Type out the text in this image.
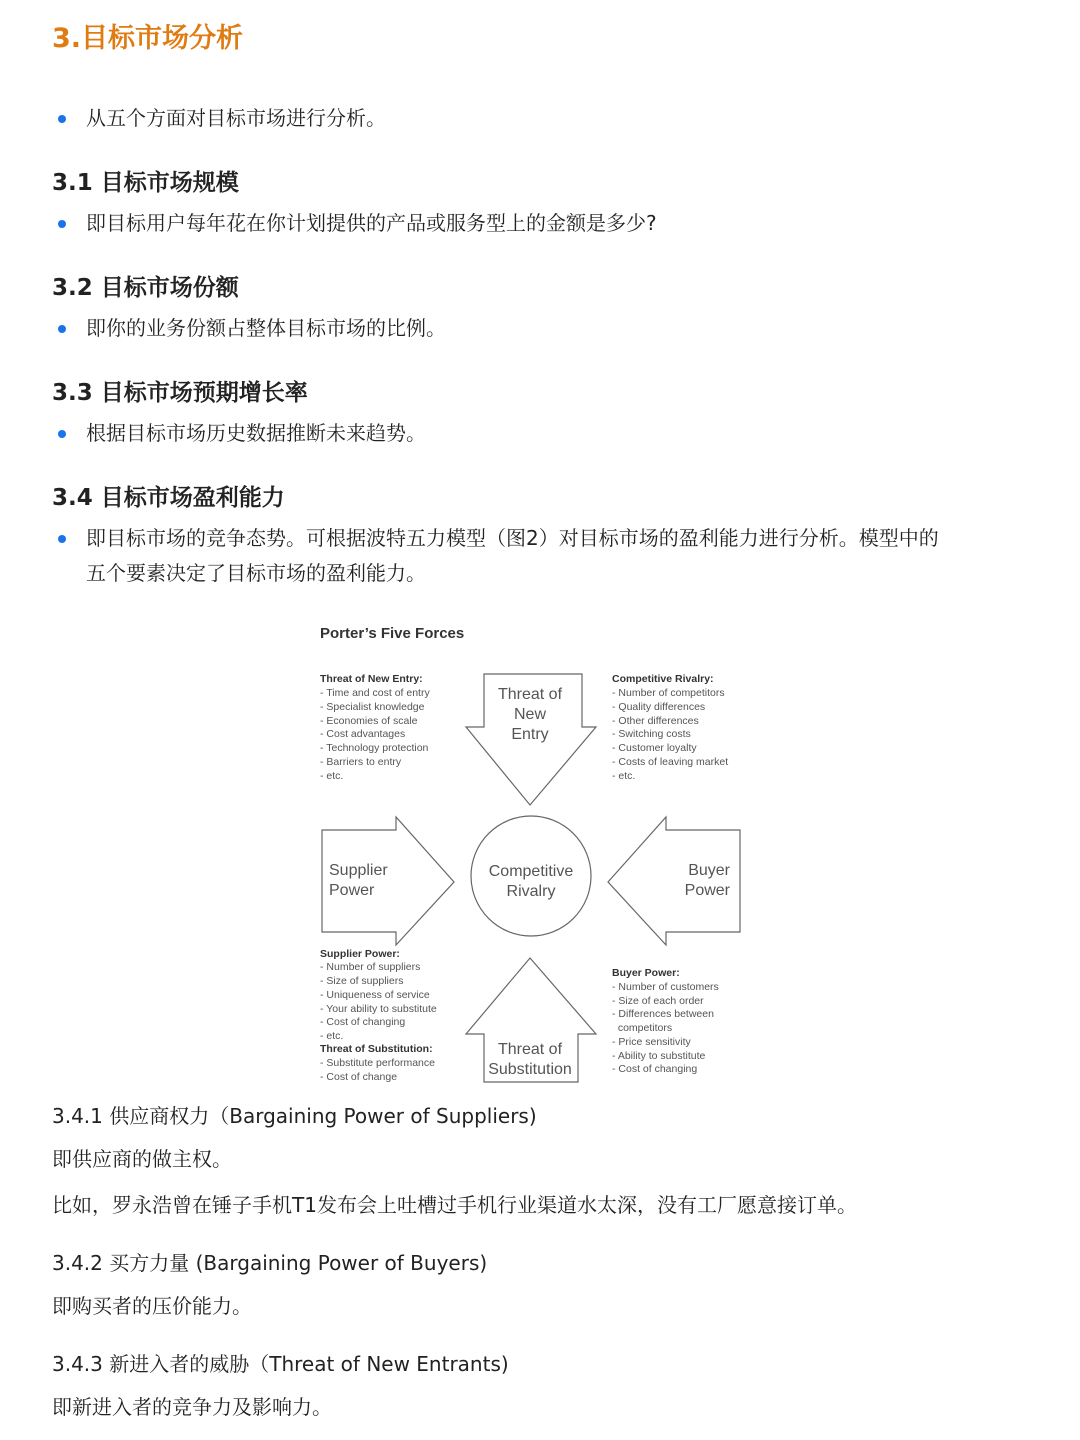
3.目标市场分析
从五个方面对目标市场进行分析。
3.1 目标市场规模
即目标用户每年花在你计划提供的产品或服务型上的金额是多少?
3.2 目标市场份额
即你的业务份额占整体目标市场的比例。
3.3 目标市场预期增长率
根据目标市场历史数据推断未来趋势。
3.4 目标市场盈利能力
即目标市场的竞争态势。可根据波特五力模型（图2）对目标市场的盈利能力进行分析。模型中的
五个要素决定了目标市场的盈利能力。
Porter’s Five Forces
Threat of
New
Entry
Supplier
Power
Competitive
Rivalry
Buyer
Power
Threat of
Substitution
Threat of New Entry:
- Time and cost of entry
- Specialist knowledge
- Economies of scale
- Cost advantages
- Technology protection
- Barriers to entry
- etc.
Competitive Rivalry:
- Number of competitors
- Quality differences
- Other differences
- Switching costs
- Customer loyalty
- Costs of leaving market
- etc.
Supplier Power:
- Number of suppliers
- Size of suppliers
- Uniqueness of service
- Your ability to substitute
- Cost of changing
- etc.
Threat of Substitution:
- Substitute performance
- Cost of change
Buyer Power:
- Number of customers
- Size of each order
- Differences between
competitors
- Price sensitivity
- Ability to substitute
- Cost of changing
3.4.1 供应商权力（Bargaining Power of Suppliers)

即供应商的做主权。

比如，罗永浩曾在锤子手机T1发布会上吐槽过手机行业渠道水太深，没有工厂愿意接订单。

3.4.2 买方力量 (Bargaining Power of Buyers)

即购买者的压价能力。

3.4.3 新进入者的威胁（Threat of New Entrants)

即新进入者的竞争力及影响力。
